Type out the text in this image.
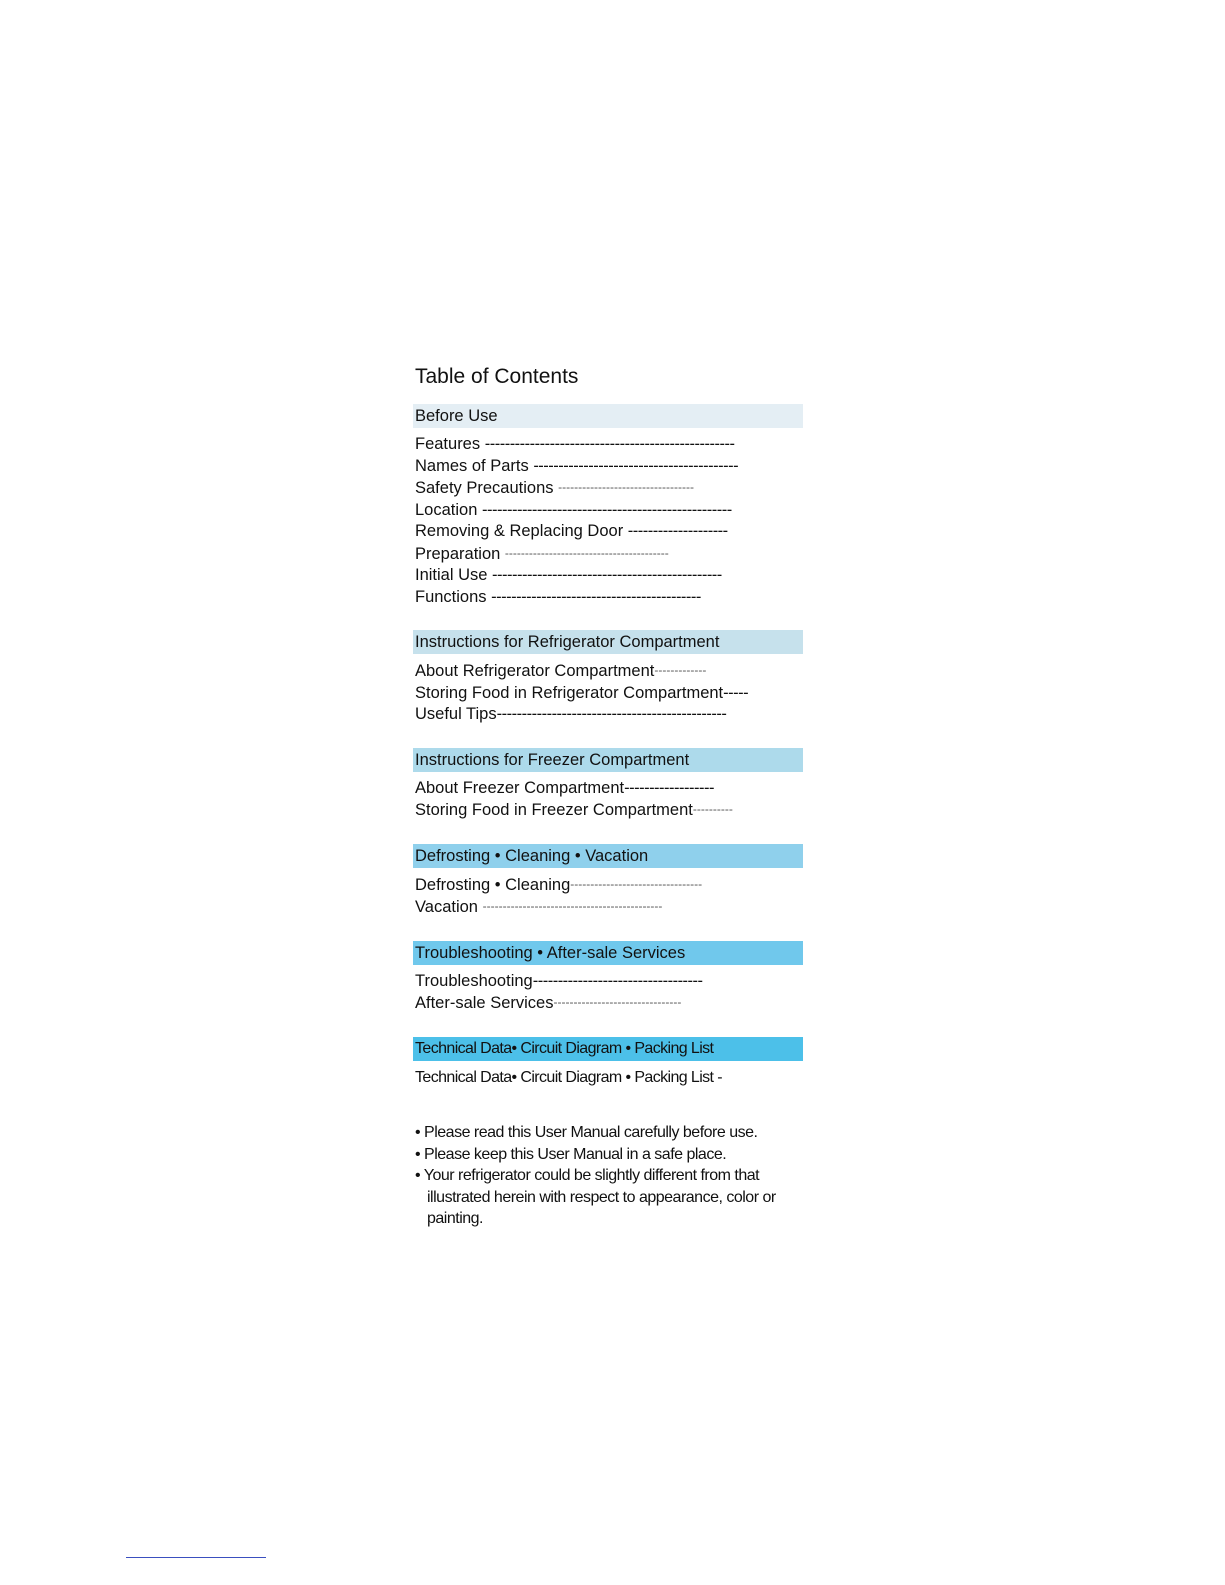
Table of Contents
Before Use
Features --------------------------------------------------
Names of Parts -----------------------------------------
Safety Precautions ----------------------------------
Location --------------------------------------------------
Removing & Replacing Door --------------------
Preparation -----------------------------------------
Initial Use ----------------------------------------------
Functions ------------------------------------------
Instructions for Refrigerator Compartment
About Refrigerator Compartment-------------
Storing Food in Refrigerator Compartment-----
Useful Tips----------------------------------------------
Instructions for Freezer Compartment
About Freezer Compartment------------------
Storing Food in Freezer Compartment----------
Defrosting • Cleaning • Vacation
Defrosting • Cleaning---------------------------------
Vacation ---------------------------------------------
Troubleshooting • After-sale Services
Troubleshooting----------------------------------
After-sale Services--------------------------------
Technical Data• Circuit Diagram • Packing List
Technical Data• Circuit Diagram • Packing List -
• Please read this User Manual carefully before use.
• Please keep this User Manual in a safe place.
• Your refrigerator could be slightly different from that illustrated herein with respect to appearance, color or painting.
